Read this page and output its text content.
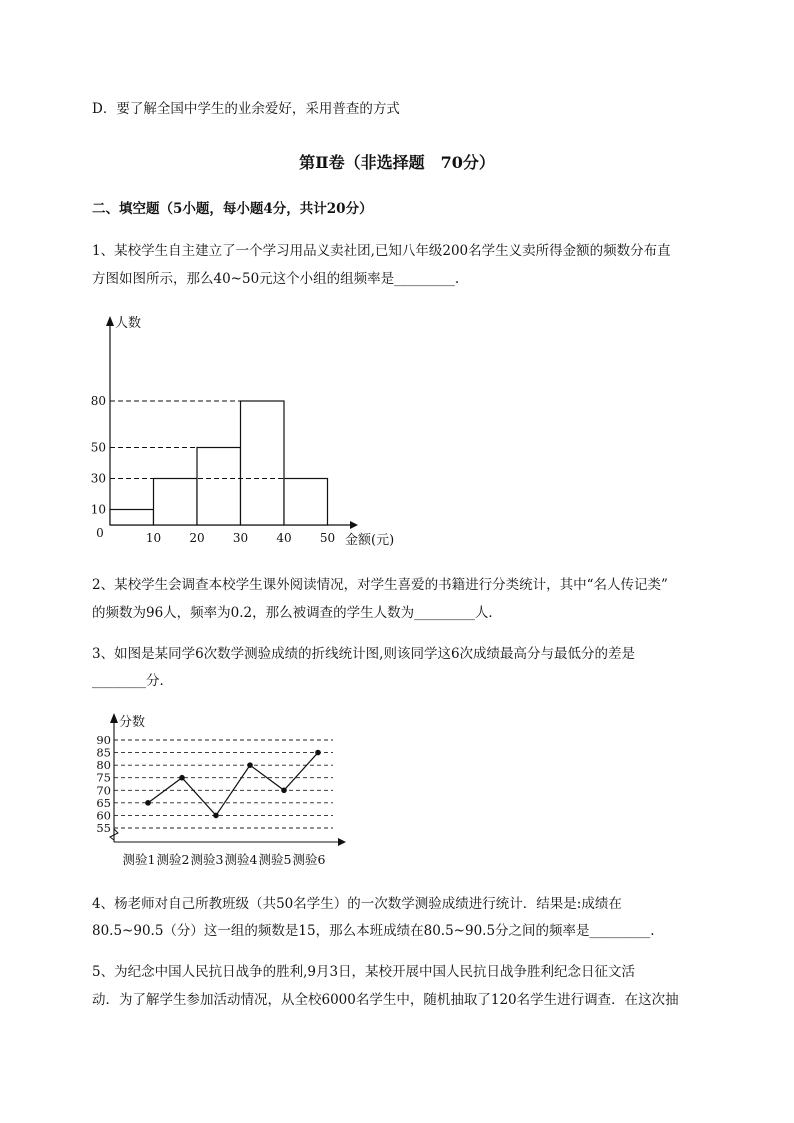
D．要了解全国中学生的业余爱好，采用普查的方式
第Ⅱ卷（非选择题　70分）
二、填空题（5小题，每小题4分，共计20分）
1、某校学生自主建立了一个学习用品义卖社团,已知八年级200名学生义卖所得金额的频数分布直
方图如图所示，那么40~50元这个小组的组频率是_________.
10
30
50
80
10 20 30 40 50
0
人数
金额(元)
2、某校学生会调查本校学生课外阅读情况，对学生喜爱的书籍进行分类统计，其中“名人传记类”
的频数为96人，频率为0.2，那么被调查的学生人数为_________人．
3、如图是某同学6次数学测验成绩的折线统计图,则该同学这6次成绩最高分与最低分的差是
________分．
55
60
65
70
75
80
85
90
测验1 测验2 测验3 测验4 测验5 测验6
分数
4、杨老师对自己所教班级（共50名学生）的一次数学测验成绩进行统计．结果是:成绩在
80.5~90.5（分）这一组的频数是15，那么本班成绩在80.5~90.5分之间的频率是_________.
5、为纪念中国人民抗日战争的胜利,9月3日，某校开展中国人民抗日战争胜利纪念日征文活
动．为了解学生参加活动情况，从全校6000名学生中，随机抽取了120名学生进行调查．在这次抽
